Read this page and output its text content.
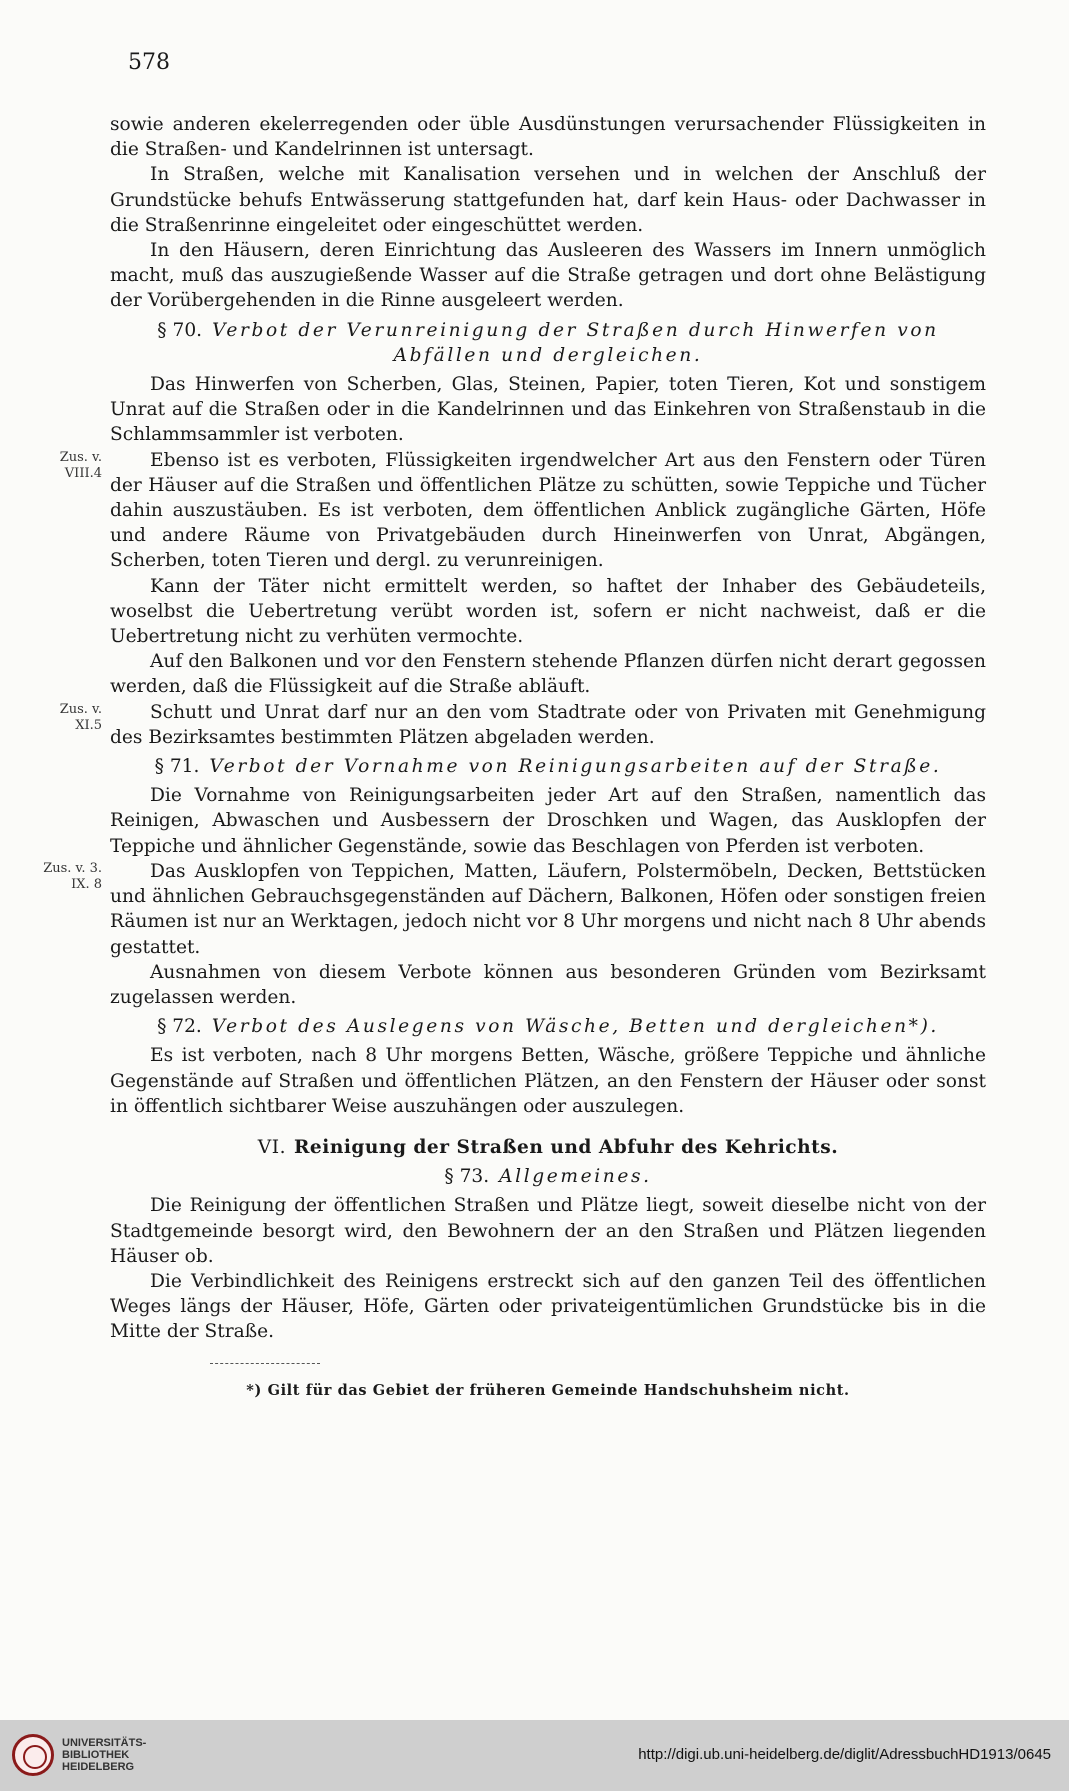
578

sowie anderen ekelerregenden oder üble Ausdünstungen verursachender Flüssigkeiten in die Straßen- und Kandelrinnen ist untersagt.

In Straßen, welche mit Kanalisation versehen und in welchen der Anschluß der Grundstücke behufs Entwässerung stattgefunden hat, darf kein Haus- oder Dachwasser in die Straßenrinne eingeleitet oder eingeschüttet werden.

In den Häusern, deren Einrichtung das Ausleeren des Wassers im Innern unmöglich macht, muß das auszugießende Wasser auf die Straße getragen und dort ohne Belästigung der Vorübergehenden in die Rinne ausgeleert werden.

§ 70. Verbot der Verunreinigung der Straßen durch Hinwerfen von Abfällen und dergleichen.

Das Hinwerfen von Scherben, Glas, Steinen, Papier, toten Tieren, Kot und sonstigem Unrat auf die Straßen oder in die Kandelrinnen und das Einkehren von Straßenstaub in die Schlammsammler ist verboten.

Zus. v. VIII.4

Ebenso ist es verboten, Flüssigkeiten irgendwelcher Art aus den Fenstern oder Türen der Häuser auf die Straßen und öffentlichen Plätze zu schütten, sowie Teppiche und Tücher dahin auszustäuben. Es ist verboten, dem öffentlichen Anblick zugängliche Gärten, Höfe und andere Räume von Privatgebäuden durch Hineinwerfen von Unrat, Abgängen, Scherben, toten Tieren und dergl. zu verunreinigen.

Kann der Täter nicht ermittelt werden, so haftet der Inhaber des Gebäudeteils, woselbst die Uebertretung verübt worden ist, sofern er nicht nachweist, daß er die Uebertretung nicht zu verhüten vermochte.

Auf den Balkonen und vor den Fenstern stehende Pflanzen dürfen nicht derart gegossen werden, daß die Flüssigkeit auf die Straße abläuft.

Zus. v. XI.5

Schutt und Unrat darf nur an den vom Stadtrate oder von Privaten mit Genehmigung des Bezirksamtes bestimmten Plätzen abgeladen werden.

§ 71. Verbot der Vornahme von Reinigungsarbeiten auf der Straße.

Die Vornahme von Reinigungsarbeiten jeder Art auf den Straßen, namentlich das Reinigen, Abwaschen und Ausbessern der Droschken und Wagen, das Ausklopfen der Teppiche und ähnlicher Gegenstände, sowie das Beschlagen von Pferden ist verboten.

Zus. v. 3. IX. 8

Das Ausklopfen von Teppichen, Matten, Läufern, Polstermöbeln, Decken, Bettstücken und ähnlichen Gebrauchsgegenständen auf Dächern, Balkonen, Höfen oder sonstigen freien Räumen ist nur an Werktagen, jedoch nicht vor 8 Uhr morgens und nicht nach 8 Uhr abends gestattet.

Ausnahmen von diesem Verbote können aus besonderen Gründen vom Bezirksamt zugelassen werden.

§ 72. Verbot des Auslegens von Wäsche, Betten und dergleichen*).

Es ist verboten, nach 8 Uhr morgens Betten, Wäsche, größere Teppiche und ähnliche Gegenstände auf Straßen und öffentlichen Plätzen, an den Fenstern der Häuser oder sonst in öffentlich sichtbarer Weise auszuhängen oder auszulegen.

VI. Reinigung der Straßen und Abfuhr des Kehrichts.

§ 73. Allgemeines.

Die Reinigung der öffentlichen Straßen und Plätze liegt, soweit dieselbe nicht von der Stadtgemeinde besorgt wird, den Bewohnern der an den Straßen und Plätzen liegenden Häuser ob.

Die Verbindlichkeit des Reinigens erstreckt sich auf den ganzen Teil des öffentlichen Weges längs der Häuser, Höfe, Gärten oder privateigentümlichen Grundstücke bis in die Mitte der Straße.

*) Gilt für das Gebiet der früheren Gemeinde Handschuhsheim nicht.

UNIVERSITÄTS-
BIBLIOTHEK
HEIDELBERG
http://digi.ub.uni-heidelberg.de/diglit/AdressbuchHD1913/0645
